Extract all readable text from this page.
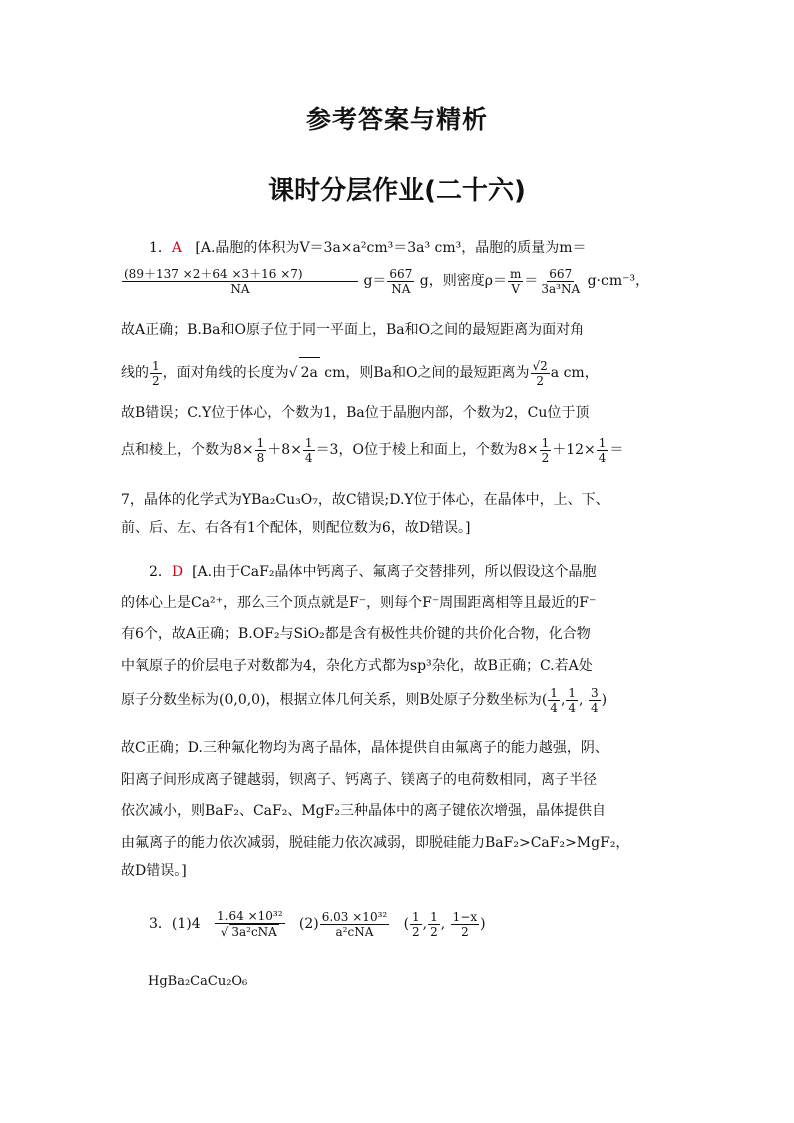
参考答案与精析
课时分层作业(二十六)
1．A [A.晶胞的体积为V＝3a×a²cm³＝3a³ cm³，晶胞的质量为m＝
$\frac{(89+137 \times 2+64 \times 3+16 \times 7)}{NA} g= \frac{667}{NA}$ g，则密度$\rho= \frac{m}{V} = \frac{667}{\text{3a³NA}} g\cdot cm^{-3}$，
故A正确；B.Ba和O原子位于同一平面上，Ba和O之间的最短距离为面对角
线的 $\frac{1}{2}$ ，面对角线的长度为√ 2a cm，则Ba和O之间的最短距离为 $\frac{√2}{2}$ a cm，
故B错误；C.Y位于体心，个数为1，Ba位于晶胞内部，个数为2，Cu位于顶
点和棱上，个数为$8\times \frac{1}{8} +8\times \frac{1}{4} =3$，O位于棱上和面上，个数为$8\times \frac{1}{2} +12\times \frac{1}{4}$ ＝
7，晶体的化学式为YBa₂Cu₃O₇，故C错误;D.Y位于体心，在晶体中，上、下、
前、后、左、右各有1个配体，则配位数为6，故D错误。]
2．D [A.由于CaF₂晶体中钙离子、氟离子交替排列，所以假设这个晶胞
的体心上是Ca²⁺，那么三个顶点就是F⁻，则每个F⁻周围距离相等且最近的F⁻
有6个，故A正确；B.OF₂与SiO₂都是含有极性共价键的共价化合物，化合物
中氧原子的价层电子对数都为4，杂化方式都为sp³杂化，故B正确；C.若A处
原子分数坐标为(0,0,0)，根据立体几何关系，则B处原子分数坐标为( $\frac{1}{4}$ , $\frac{1}{4}$ , $\frac{3}{4}$ )
故C正确；D.三种氟化物均为离子晶体，晶体提供自由氟离子的能力越强，阴、
阳离子间形成离子键越弱，钡离子、钙离子、镁离子的电荷数相同，离子半径
依次减小，则BaF₂、CaF₂、MgF₂三种晶体中的离子键依次增强，晶体提供自
由氟离子的能力依次减弱，脱硅能力依次减弱，即脱硅能力BaF₂>CaF₂>MgF₂，
故D错误。]
3．$(1)4 \frac{\text{1.64 ×10³²}}{\text{√ 3a²cNA}} (2) \frac{\text{6.03 ×10³²}}{\text{a²cNA}}$ ( $\frac{1}{2}$ , $\frac{1}{2}$ , $\frac{1-x}{2}$ )
HgBa₂CaCu₂O₆
